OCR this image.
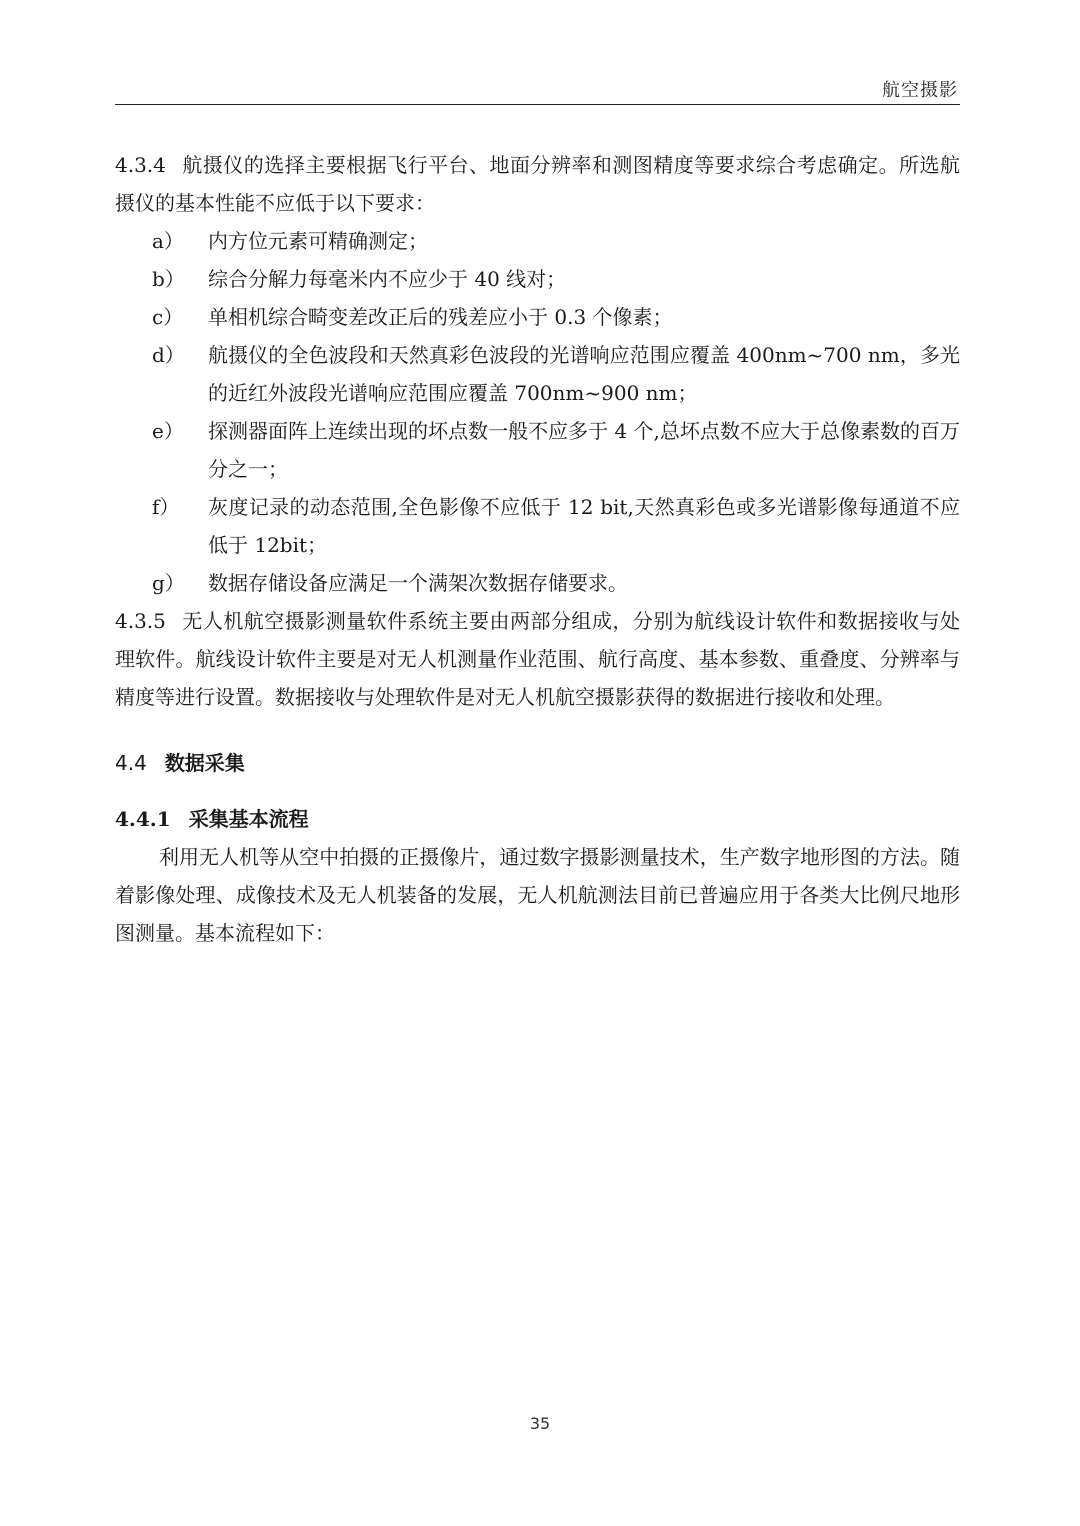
航空摄影

4.3.4 航摄仪的选择主要根据飞行平台、地面分辨率和测图精度等要求综合考虑确定。所选航摄仪的基本性能不应低于以下要求：

a）	内方位元素可精确测定；
b）	综合分解力每毫米内不应少于 40 线对；
c）	单相机综合畸变差改正后的残差应小于 0.3 个像素；
d）	航摄仪的全色波段和天然真彩色波段的光谱响应范围应覆盖 400nm~700 nm，多光的近红外波段光谱响应范围应覆盖 700nm~900 nm；
e）	探测器面阵上连续出现的坏点数一般不应多于 4 个,总坏点数不应大于总像素数的百万分之一；
f）	灰度记录的动态范围,全色影像不应低于 12 bit,天然真彩色或多光谱影像每通道不应低于 12bit；
g）	数据存储设备应满足一个满架次数据存储要求。

4.3.5 无人机航空摄影测量软件系统主要由两部分组成，分别为航线设计软件和数据接收与处理软件。航线设计软件主要是对无人机测量作业范围、航行高度、基本参数、重叠度、分辨率与精度等进行设置。数据接收与处理软件是对无人机航空摄影获得的数据进行接收和处理。

4.4 数据采集
4.4.1 采集基本流程

利用无人机等从空中拍摄的正摄像片，通过数字摄影测量技术，生产数字地形图的方法。随着影像处理、成像技术及无人机装备的发展，无人机航测法目前已普遍应用于各类大比例尺地形图测量。基本流程如下：

35
